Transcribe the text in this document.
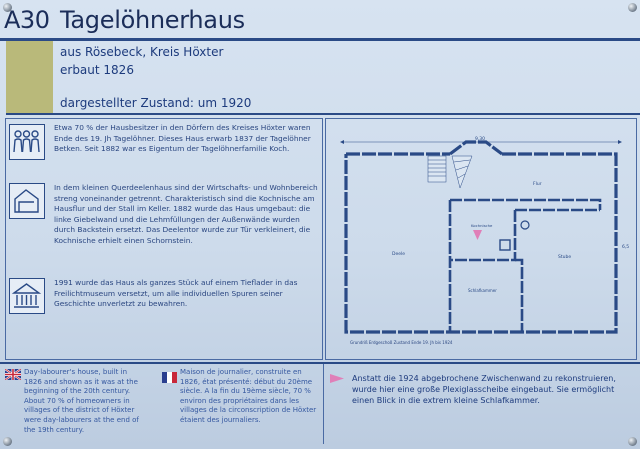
A30 Tagelöhnerhaus
aus Rösebeck, Kreis Höxter
erbaut 1826
dargestellter Zustand: um 1920
Etwa 70 % der Hausbesitzer in den Dörfern des Kreises Höxter waren Ende des 19. Jh Tagelöhner. Dieses Haus erwarb 1837 der Tagelöhner Betken. Seit 1882 war es Eigentum der Tagelöhnerfamilie Koch.
In dem kleinen Querdeelenhaus sind der Wirtschafts- und Wohnbereich streng voneinander getrennt. Charakteristisch sind die Kochnische am Hausflur und der Stall im Keller. 1882 wurde das Haus umgebaut: die linke Giebelwand und die Lehmfüllungen der Außenwände wurden durch Backstein ersetzt. Das Deelentor wurde zur Tür verkleinert, die Kochnische erhielt einen Schornstein.
1991 wurde das Haus als ganzes Stück auf einem Tieflader in das Freilichtmuseum versetzt, um alle individuellen Spuren seiner Geschichte unverletzt zu bewahren.
9,30
Flur
Kochnische
Deele
Stube
Schlafkammer
6,5
Grundriß Erdgeschoß Zustand Ende 19. Jh bis 1924
Day-labourer's house, built in 1826 and shown as it was at the beginning of the 20th century. About 70 % of homeowners in villages of the district of Höxter were day-labourers at the end of the 19th century.
Maison de journalier, construite en 1826, état présenté: début du 20ème siècle. A la fin du 19ème siècle, 70 % environ des propriétaires dans les villages de la circonscription de Höxter étaient des journaliers.
Anstatt die 1924 abgebrochene Zwischenwand zu rekonstruieren, wurde hier eine große Plexiglasscheibe eingebaut. Sie ermöglicht einen Blick in die extrem kleine Schlafkammer.
